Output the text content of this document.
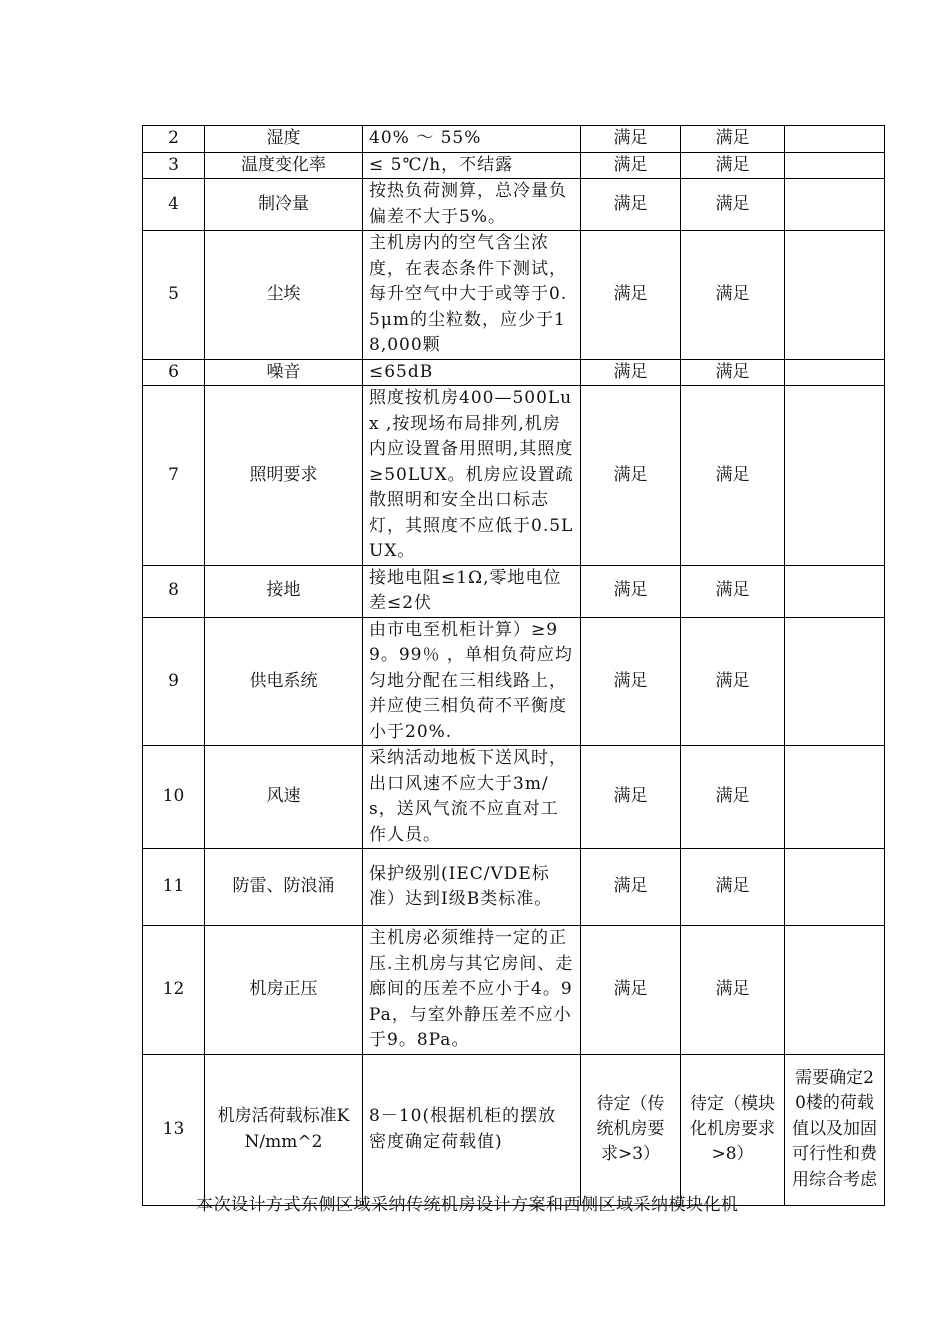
2	湿度	40% ～ 55%	满足	满足	
3	温度变化率	≤ 5℃/h，不结露	满足	满足	
4	制冷量	按热负荷测算，总冷量负偏差不大于5%。	满足	满足	
5	尘埃	主机房内的空气含尘浓度，在表态条件下测试，每升空气中大于或等于0.5μm的尘粒数，应少于18,000颗	满足	满足	
6	噪音	≤65dB	满足	满足	
7	照明要求	照度按机房400—500Lux ,按现场布局排列,机房内应设置备用照明,其照度≥50LUX。机房应设置疏散照明和安全出口标志灯，其照度不应低于0.5LUX。	满足	满足	
8	接地	接地电阻≤1Ω,零地电位差≤2伏	满足	满足	
9	供电系统	由市电至机柜计算）≥99。99％ ，单相负荷应均匀地分配在三相线路上，并应使三相负荷不平衡度小于20%.	满足	满足	
10	风速	采纳活动地板下送风时，出口风速不应大于3m/s，送风气流不应直对工作人员。	满足	满足	
11	防雷、防浪涌	保护级别(IEC/VDE标准）达到Ⅰ级B类标准。	满足	满足	
12	机房正压	主机房必须维持一定的正压.主机房与其它房间、走廊间的压差不应小于4。9Pa，与室外静压差不应小于9。8Pa。	满足	满足	
13	机房活荷载标准KN/mm^2	8－10(根据机柜的摆放密度确定荷载值)	待定（传统机房要求>3）	待定（模块化机房要求>8）	需要确定20楼的荷载值以及加固可行性和费用综合考虑
本次设计方式东侧区域采纳传统机房设计方案和西侧区域采纳模块化机
